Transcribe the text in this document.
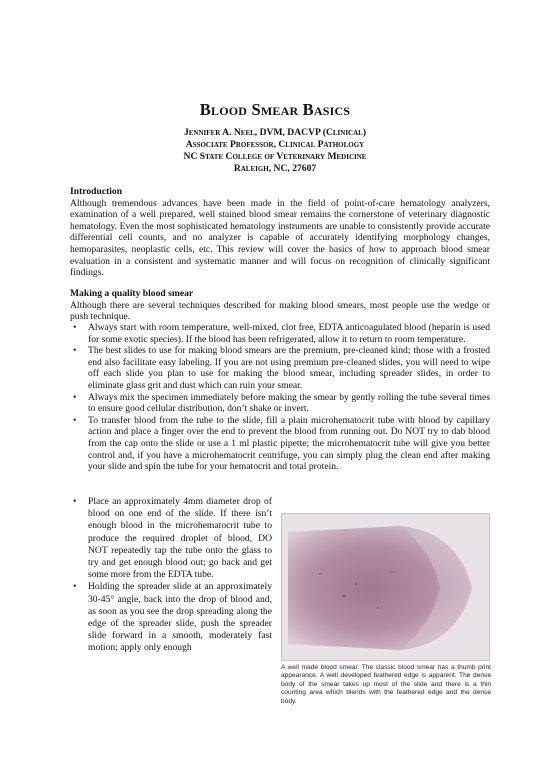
Blood Smear Basics
Jennifer A. Neel, DVM, DACVP (Clinical)
Associate Professor, Clinical Pathology
NC State College of Veterinary Medicine
Raleigh, NC, 27607
Introduction
Although tremendous advances have been made in the field of point-of-care hematology analyzers, examination of a well prepared, well stained blood smear remains the cornerstone of veterinary diagnostic hematology. Even the most sophisticated hematology instruments are unable to consistently provide accurate differential cell counts, and no analyzer is capable of accurately identifying morphology changes, hemoparasites, neoplastic cells, etc. This review will cover the basics of how to approach blood smear evaluation in a consistent and systematic manner and will focus on recognition of clinically significant findings.
Making a quality blood smear
Although there are several techniques described for making blood smears, most people use the wedge or push technique.

• Always start with room temperature, well-mixed, clot free, EDTA anticoagulated blood (heparin is used for some exotic species). If the blood has been refrigerated, allow it to return to room temperature.

• The best slides to use for making blood smears are the premium, pre-cleaned kind; those with a frosted end also facilitate easy labeling. If you are not using premium pre-cleaned slides, you will need to wipe off each slide you plan to use for making the blood smear, including spreader slides, in order to eliminate glass grit and dust which can ruin your smear.

• Always mix the specimen immediately before making the smear by gently rolling the tube several times to ensure good cellular distribution, don’t shake or invert.

• To transfer blood from the tube to the slide, fill a plain microhematocrit tube with blood by capillary action and place a finger over the end to prevent the blood from running out. Do NOT try to dab blood from the cap onto the slide or use a 1 ml plastic pipette; the microhematocrit tube will give you better control and, if you have a microhematocrit centrifuge, you can simply plug the clean end after making your slide and spin the tube for your hematocrit and total protein.

• Place an approximately 4mm diameter drop of blood on one end of the slide. If there isn’t enough blood in the microhematocrit tube to produce the required droplet of blood, DO NOT repeatedly tap the tube onto the glass to try and get enough blood out; go back and get some more from the EDTA tube.

• Holding the spreader slide at an approximately 30-45° angle, back into the drop of blood and, as soon as you see the drop spreading along the edge of the spreader slide, push the spreader slide forward in a smooth, moderately fast motion; apply only enough

A well made blood smear. The classic blood smear has a thumb print appearance. A well developed feathered edge is apparent. The dense body of the smear takes up most of the slide and there is a thin counting area which blends with the feathered edge and the dense body.
